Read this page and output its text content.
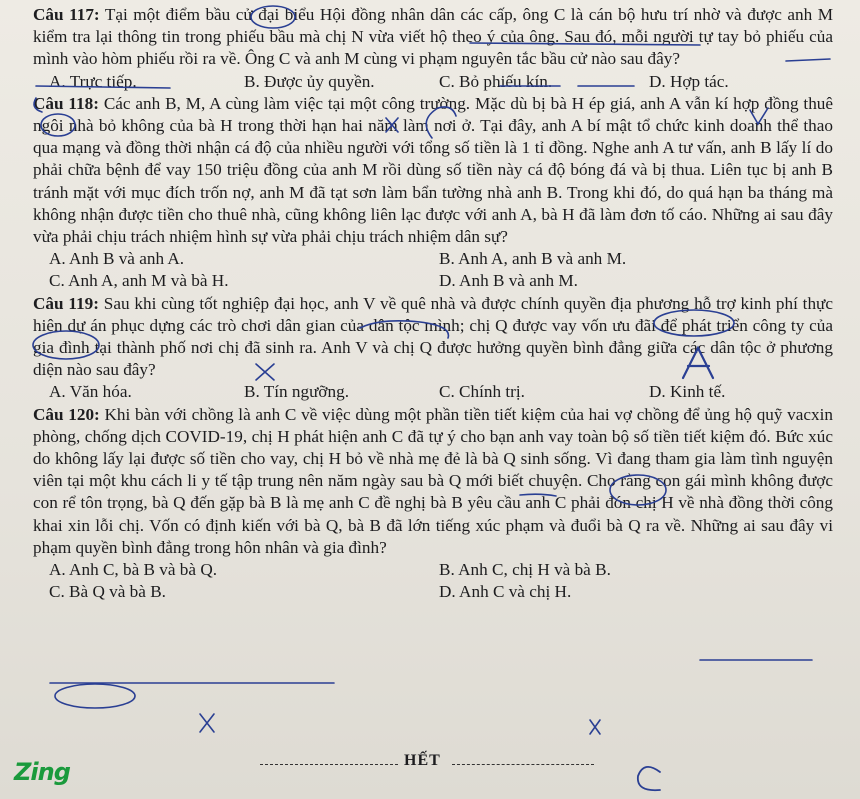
Câu 117: Tại một điểm bầu cử đại biểu Hội đồng nhân dân các cấp, ông C là cán bộ hưu trí nhờ và được anh M kiểm tra lại thông tin trong phiếu bầu mà chị N vừa viết hộ theo ý của ông. Sau đó, mỗi người tự tay bỏ phiếu của mình vào hòm phiếu rồi ra về. Ông C và anh M cùng vi phạm nguyên tắc bầu cử nào sau đây?

A. Trực tiếp.	B. Được ủy quyền.	C. Bỏ phiếu kín.	D. Hợp tác.

Câu 118: Các anh B, M, A cùng làm việc tại một công trường. Mặc dù bị bà H ép giá, anh A vẫn kí hợp đồng thuê ngôi nhà bỏ không của bà H trong thời hạn hai năm làm nơi ở. Tại đây, anh A bí mật tổ chức kinh doanh thể thao qua mạng và đồng thời nhận cá độ của nhiều người với tổng số tiền là 1 tỉ đồng. Nghe anh A tư vấn, anh B lấy lí do phải chữa bệnh để vay 150 triệu đồng của anh M rồi dùng số tiền này cá độ bóng đá và bị thua. Liên tục bị anh B tránh mặt với mục đích trốn nợ, anh M đã tạt sơn làm bẩn tường nhà anh B. Trong khi đó, do quá hạn ba tháng mà không nhận được tiền cho thuê nhà, cũng không liên lạc được với anh A, bà H đã làm đơn tố cáo. Những ai sau đây vừa phải chịu trách nhiệm hình sự vừa phải chịu trách nhiệm dân sự?

A. Anh B và anh A.	B. Anh A, anh B và anh M.
C. Anh A, anh M và bà H.	D. Anh B và anh M.

Câu 119: Sau khi cùng tốt nghiệp đại học, anh V về quê nhà và được chính quyền địa phương hỗ trợ kinh phí thực hiện dự án phục dựng các trò chơi dân gian của dân tộc mình; chị Q được vay vốn ưu đãi để phát triển công ty của gia đình tại thành phố nơi chị đã sinh ra. Anh V và chị Q được hưởng quyền bình đẳng giữa các dân tộc ở phương diện nào sau đây?

A. Văn hóa.	B. Tín ngưỡng.	C. Chính trị.	D. Kinh tế.

Câu 120: Khi bàn với chồng là anh C về việc dùng một phần tiền tiết kiệm của hai vợ chồng để ủng hộ quỹ vacxin phòng, chống dịch COVID-19, chị H phát hiện anh C đã tự ý cho bạn anh vay toàn bộ số tiền tiết kiệm đó. Bức xúc do không lấy lại được số tiền cho vay, chị H bỏ về nhà mẹ đẻ là bà Q sinh sống. Vì đang tham gia làm tình nguyện viên tại một khu cách li y tế tập trung nên năm ngày sau bà Q mới biết chuyện. Cho rằng con gái mình không được con rể tôn trọng, bà Q đến gặp bà B là mẹ anh C đề nghị bà B yêu cầu anh C phải đón chị H về nhà đồng thời công khai xin lỗi chị. Vốn có định kiến với bà Q, bà B đã lớn tiếng xúc phạm và đuổi bà Q ra về. Những ai sau đây vi phạm quyền bình đẳng trong hôn nhân và gia đình?

A. Anh C, bà B và bà Q.	B. Anh C, chị H và bà B.
C. Bà Q và bà B.	D. Anh C và chị H.
HẾT
Zing
